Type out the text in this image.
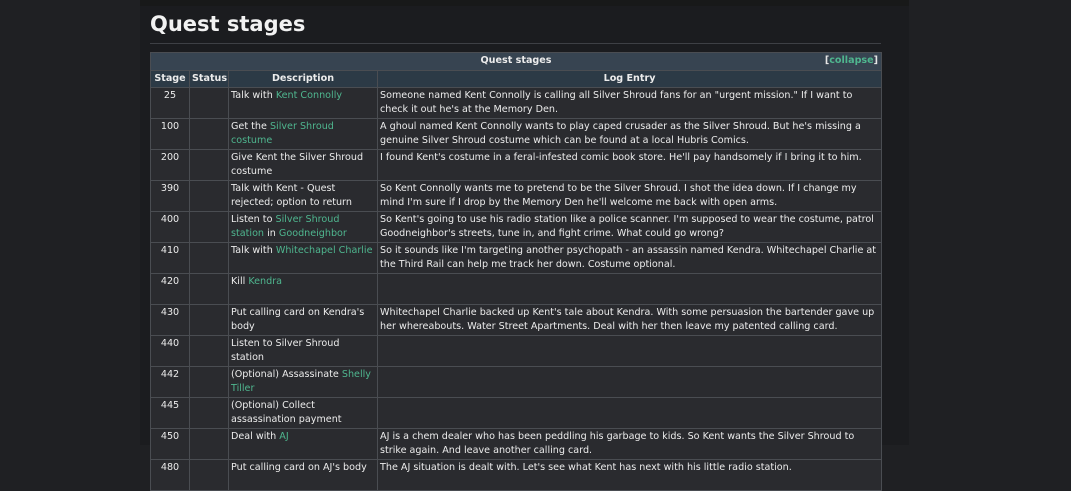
Quest stages
Quest stages [collapse]			

Stage	Status	Description	Log Entry
25		Talk with Kent Connolly	Someone named Kent Connolly is calling all Silver Shroud fans for an "urgent mission." If I want to check it out he's at the Memory Den.
100		Get the Silver Shroud costume	A ghoul named Kent Connolly wants to play caped crusader as the Silver Shroud. But he's missing a genuine Silver Shroud costume which can be found at a local Hubris Comics.
200		Give Kent the Silver Shroud costume	I found Kent's costume in a feral-infested comic book store. He'll pay handsomely if I bring it to him.
390		Talk with Kent - Quest rejected; option to return	So Kent Connolly wants me to pretend to be the Silver Shroud. I shot the idea down. If I change my mind I'm sure if I drop by the Memory Den he'll welcome me back with open arms.
400		Listen to Silver Shroud station in Goodneighbor	So Kent's going to use his radio station like a police scanner. I'm supposed to wear the costume, patrol Goodneighbor's streets, tune in, and fight crime. What could go wrong?
410		Talk with Whitechapel Charlie	So it sounds like I'm targeting another psychopath - an assassin named Kendra. Whitechapel Charlie at the Third Rail can help me track her down. Costume optional.
420		Kill Kendra	
430		Put calling card on Kendra's body	Whitechapel Charlie backed up Kent's tale about Kendra. With some persuasion the bartender gave up her whereabouts. Water Street Apartments. Deal with her then leave my patented calling card.
440		Listen to Silver Shroud station	
442		(Optional) Assassinate Shelly Tiller	
445		(Optional) Collect assassination payment	
450		Deal with AJ	AJ is a chem dealer who has been peddling his garbage to kids. So Kent wants the Silver Shroud to strike again. And leave another calling card.
480		Put calling card on AJ's body	The AJ situation is dealt with. Let's see what Kent has next with his little radio station.
